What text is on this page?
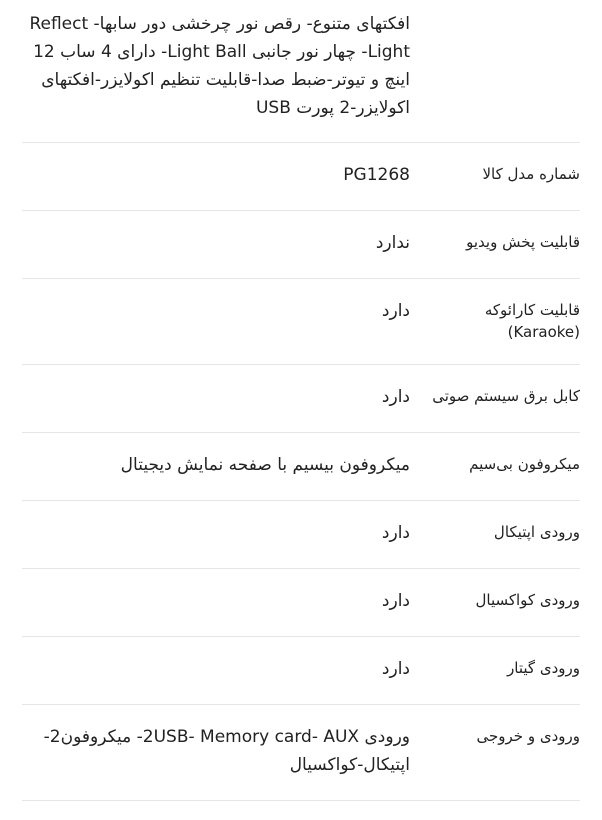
افکتهای متنوع- رقص نور چرخشی دور سابها- Reflect Light- چهار نور جانبی Light Ball- دارای 4 ساب 12 اینچ و تیوتر-ضبط صدا-قابلیت تنظیم اکولایزر-افکتهای اکولایزر-2 پورت USB
شماره مدل کالا
PG1268
قابلیت پخش ویدیو
ندارد
قابلیت کارائوکه (Karaoke)
دارد
کابل برق سیستم صوتی
دارد
میکروفون بی‌سیم
میکروفون بیسیم با صفحه نمایش دیجیتال
ورودی اپتیکال
دارد
ورودی کواکسیال
دارد
ورودی گیتار
دارد
ورودی و خروجی
ورودی 2USB- Memory card- AUX- میکروفون2-اپتیکال-کواکسیال
